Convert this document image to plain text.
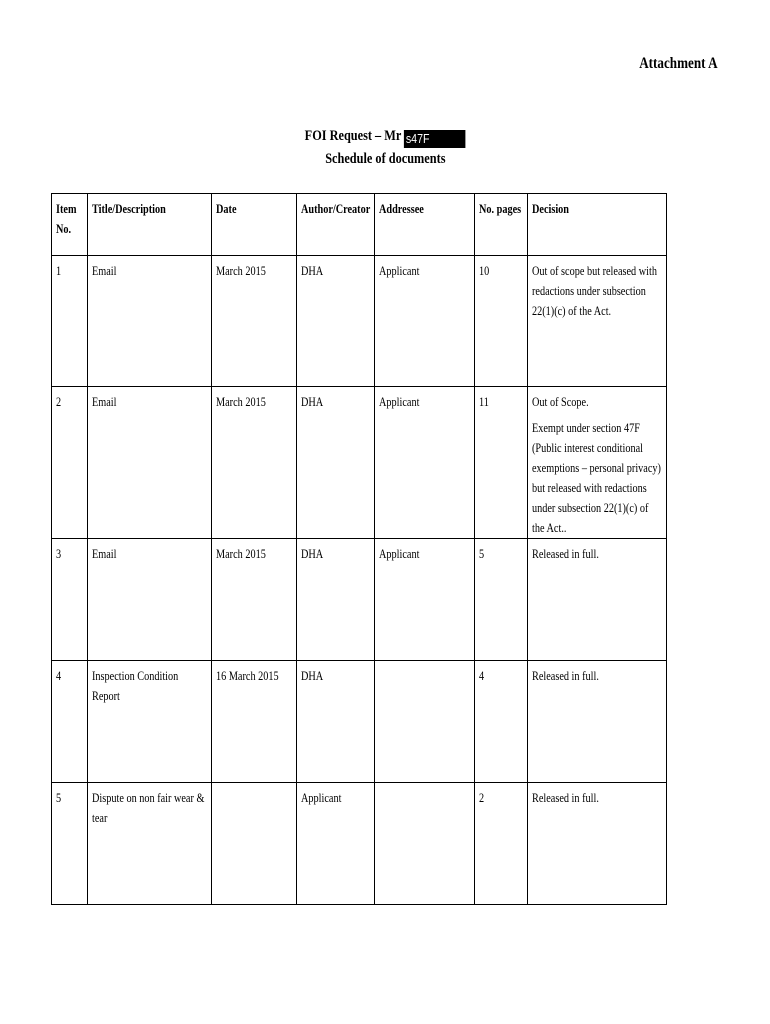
Attachment A
FOI Request – Mr s47F
Schedule of documents
Item No.	Title/Description	Date	Author/Creator	Addressee	No. pages	Decision

1	Email	March 2015	DHA	Applicant	10	Out of scope but released with redactions under subsection 22(1)(c) of the Act.

2	Email	March 2015	DHA	Applicant	11	Out of Scope.
Exempt under section 47F (Public interest conditional exemptions – personal privacy) but released with redactions under subsection 22(1)(c) of the Act..

3	Email	March 2015	DHA	Applicant	5	Released in full.

4	Inspection Condition Report	16 March 2015	DHA		4	Released in full.

5	Dispute on non fair wear & tear		Applicant		2	Released in full.
